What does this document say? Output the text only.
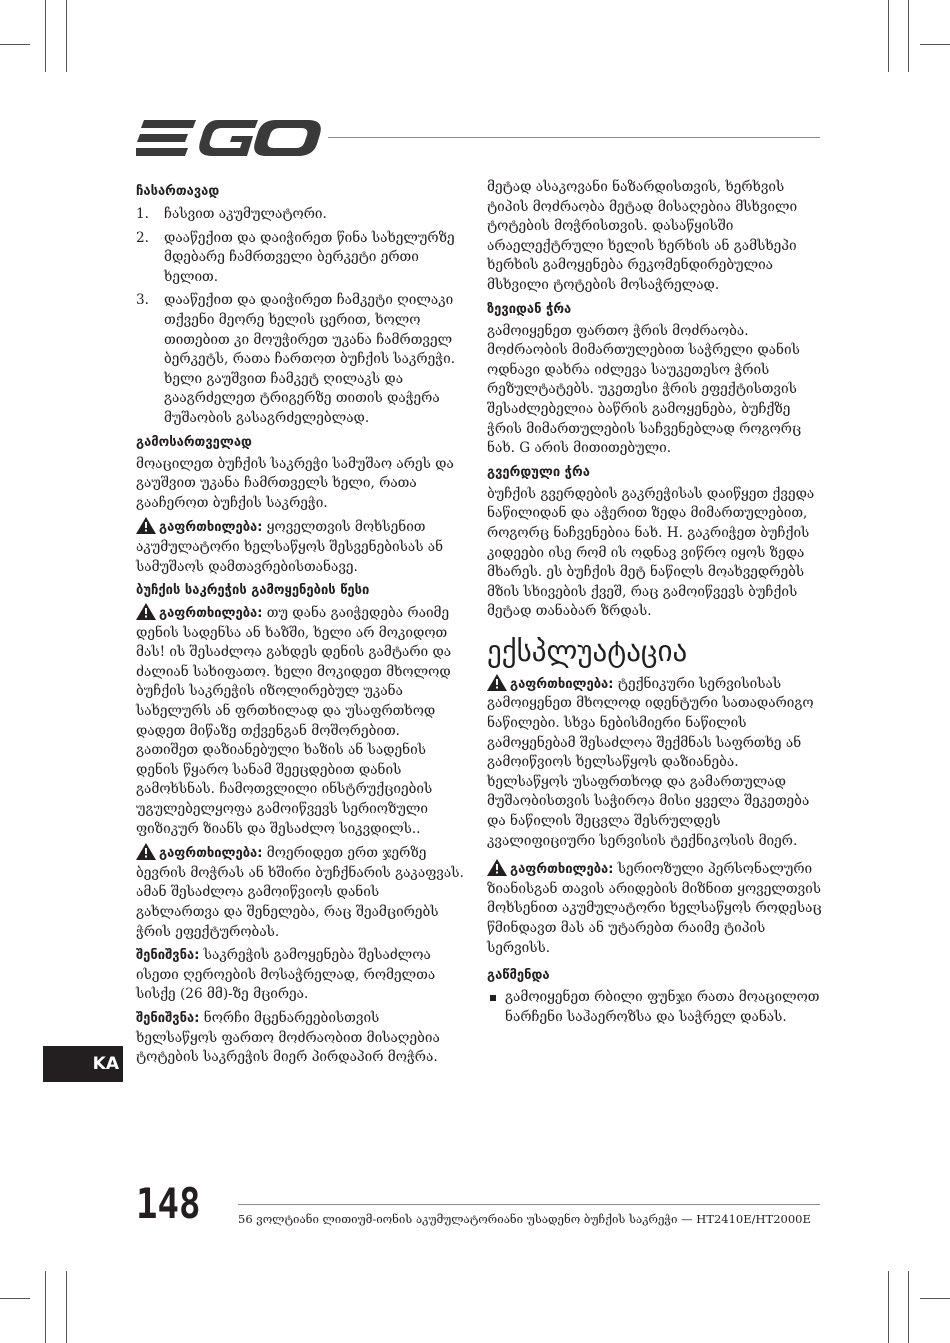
ჩასართავად
1. ჩასვით აკუმულატორი.
2. დააწექით და დაიჭირეთ წინა სახელურზე მდებარე ჩამრთველი ბერკეტი ერთი ხელით.
3. დააწექით და დაიჭირეთ ჩამკეტი ღილაკი თქვენი მეორე ხელის ცერით, ხოლო თითებით კი მოუჭირეთ უკანა ჩამრთველ ბერკეტს, რათა ჩართოთ ბუჩქის საკრეჭი. ხელი გაუშვით ჩამკეტ ღილაკს და გააგრძელეთ ტრიგერზე თითის დაჭერა მუშაობის გასაგრძელებლად.
გამოსართველად
მოაცილეთ ბუჩქის საკრეჭი სამუშაო არეს და გაუშვით უკანა ჩამრთველს ხელი, რათა გააჩეროთ ბუჩქის საკრეჭი.
გაფრთხილება: ყოველთვის მოხსენით აკუმულატორი ხელსაწყოს შესვენებისას ან სამუშაოს დამთავრებისთანავე.
ბუჩქის საკრეჭის გამოყენების წესი
გაფრთხილება: თუ დანა გაიჭედება რაიმე დენის სადენსა ან ხაზში, ხელი არ მოკიდოთ მას! ის შესაძლოა გახდეს დენის გამტარი და ძალიან სახიფათო. ხელი მოკიდეთ მხოლოდ ბუჩქის საკრეჭის იზოლირებულ უკანა სახელურს ან ფრთხილად და უსაფრთხოდ დადეთ მიწაზე თქვენგან მოშორებით. გათიშეთ დაზიანებული ხაზის ან სადენის დენის წყარო სანამ შეეცდებით დანის გამოხსნას. ჩამოთვლილი ინსტრუქციების უგულებელყოფა გამოიწვევს სერიოზული ფიზიკურ ზიანს და შესაძლო სიკვდილს..
გაფრთხილება: მოერიდეთ ერთ ჯერზე ბევრის მოჭრას ან ხშირი ბუჩქნარის გაკაფვას. ამან შესაძლოა გამოიწვიოს დანის გახლართვა და შენელება, რაც შეამცირებს ჭრის ეფექტურობას.
შენიშვნა: საკრეჭის გამოყენება შესაძლოა ისეთი ღეროების მოსაჭრელად, რომელთა სისქე (26 მმ)-ზე მცირეა.
შენიშვნა: ნორჩი მცენარეებისთვის ხელსაწყოს ფართო მოძრაობით მისაღებია ტოტების საკრეჭის მიერ პირდაპირ მოჭრა.
მეტად ასაკოვანი ნაზარდისთვის, ხერხვის ტიპის მოძრაობა მეტად მისაღებია მსხვილი ტოტების მოჭრისთვის. დასაწყისში არაელექტრული ხელის ხერხის ან გამსხეპი ხერხის გამოყენება რეკომენდირებულია მსხვილი ტოტების მოსაჭრელად.
ზევიდან ჭრა
გამოიყენეთ ფართო ჭრის მოძრაობა. მოძრაობის მიმართულებით საჭრელი დანის ოდნავი დახრა იძლევა საუკეთესო ჭრის რეზულტატებს. უკეთესი ჭრის ეფექტისთვის შესაძლებელია ბაწრის გამოყენება, ბუჩქზე ჭრის მიმართულების საჩვენებლად როგორც ნახ. G არის მითითებული.
გვერდული ჭრა
ბუჩქის გვერდების გაკრეჭისას დაიწყეთ ქვედა ნაწილიდან და აჭერით ზედა მიმართულებით, როგორც ნაჩვენებია ნახ. H. გაკრიჭეთ ბუჩქის კიდეები ისე რომ ის ოდნავ ვიწრო იყოს ზედა მხარეს. ეს ბუჩქის მეტ ნაწილს მოახვედრებს მზის სხივების ქვეშ, რაც გამოიწვევს ბუჩქის მეტად თანაბარ ზრდას.
ექსპლუატაცია
გაფრთხილება: ტექნიკური სერვისისას გამოიყენეთ მხოლოდ იდენტური სათადარიგო ნაწილები. სხვა ნებისმიერი ნაწილის გამოყენებამ შესაძლოა შექმნას საფრთხე ან გამოიწვიოს ხელსაწყოს დაზიანება. ხელსაწყოს უსაფრთხოდ და გამართულად მუშაობისთვის საჭიროა მისი ყველა შეკეთება და ნაწილის შეცვლა შესრულდეს კვალიფიციური სერვისის ტექნიკოსის მიერ.
გაფრთხილება: სერიოზული პერსონალური ზიანისგან თავის არიდების მიზნით ყოველთვის მოხსენით აკუმულატორი ხელსაწყოს როდესაც წმინდავთ მას ან უტარებთ რაიმე ტიპის სერვისს.
გაწმენდა
გამოიყენეთ რბილი ფუნჯი რათა მოაცილოთ ნარჩენი საჰაეროზსა და საჭრელ დანას.
KA
148	56 ვოლტიანი ლითიუმ-იონის აკუმულატორიანი უსადენო ბუჩქის საკრეჭი — HT2410E/HT2000E
